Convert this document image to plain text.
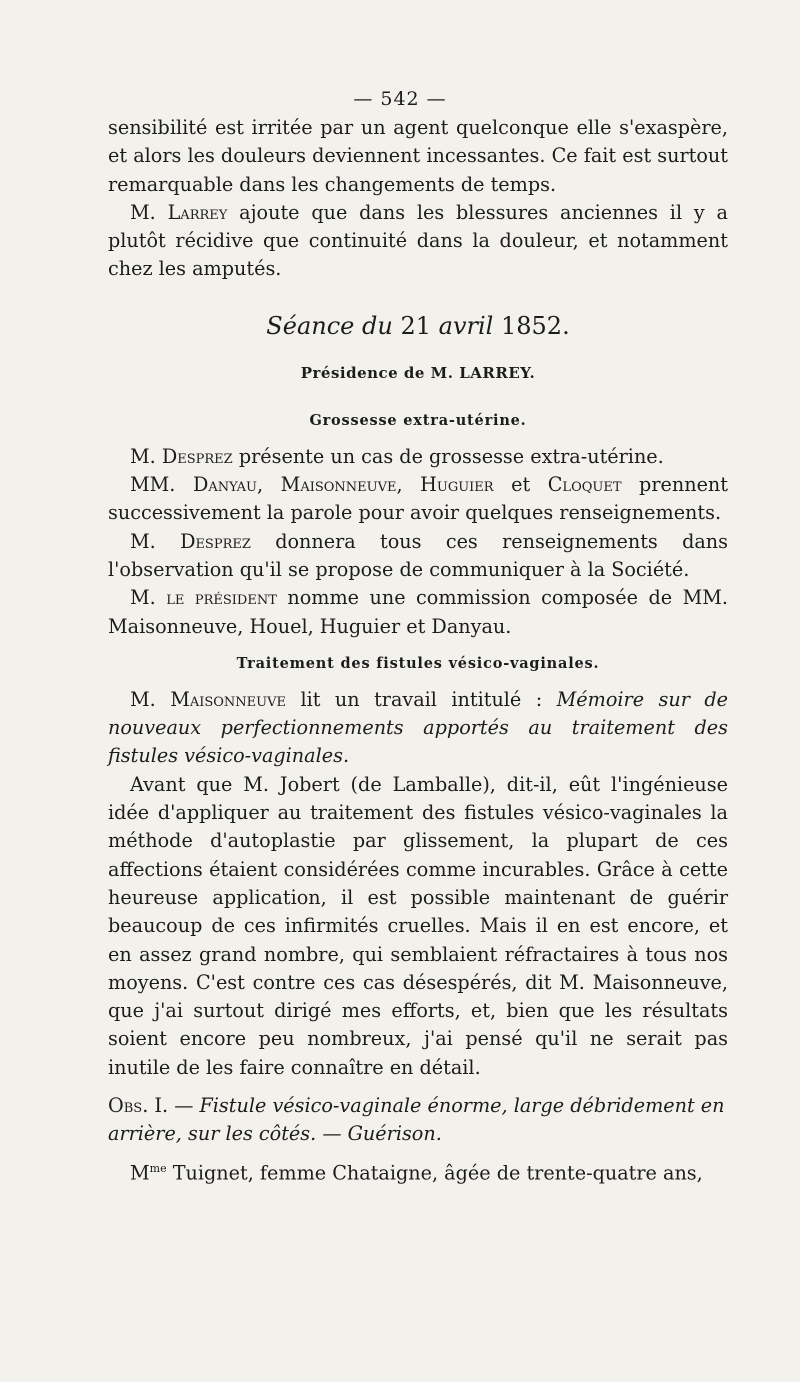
— 542 —

sensibilité est irritée par un agent quelconque elle s'exaspère, et alors les douleurs deviennent incessantes. Ce fait est surtout remarquable dans les changements de temps.

M. Larrey ajoute que dans les blessures anciennes il y a plutôt récidive que continuité dans la douleur, et notamment chez les amputés.

Séance du 21 avril 1852.
Présidence de M. LARREY.
Grossesse extra-utérine.

M. Desprez présente un cas de grossesse extra-utérine.

MM. Danyau, Maisonneuve, Huguier et Cloquet prennent successivement la parole pour avoir quelques renseignements.

M. Desprez donnera tous ces renseignements dans l'observation qu'il se propose de communiquer à la Société.

M. le président nomme une commission composée de MM. Maisonneuve, Houel, Huguier et Danyau.

Traitement des fistules vésico-vaginales.

M. Maisonneuve lit un travail intitulé : Mémoire sur de nouveaux perfectionnements apportés au traitement des fistules vésico-vaginales.

Avant que M. Jobert (de Lamballe), dit-il, eût l'ingénieuse idée d'appliquer au traitement des fistules vésico-vaginales la méthode d'autoplastie par glissement, la plupart de ces affections étaient considérées comme incurables. Grâce à cette heureuse application, il est possible maintenant de guérir beaucoup de ces infirmités cruelles. Mais il en est encore, et en assez grand nombre, qui semblaient réfractaires à tous nos moyens. C'est contre ces cas désespérés, dit M. Maisonneuve, que j'ai surtout dirigé mes efforts, et, bien que les résultats soient encore peu nombreux, j'ai pensé qu'il ne serait pas inutile de les faire connaître en détail.

Obs. I. — Fistule vésico-vaginale énorme, large débridement en

arrière, sur les côtés. — Guérison.

$M^{me}$ Tuignet, femme Chataigne, âgée de trente-quatre ans,
